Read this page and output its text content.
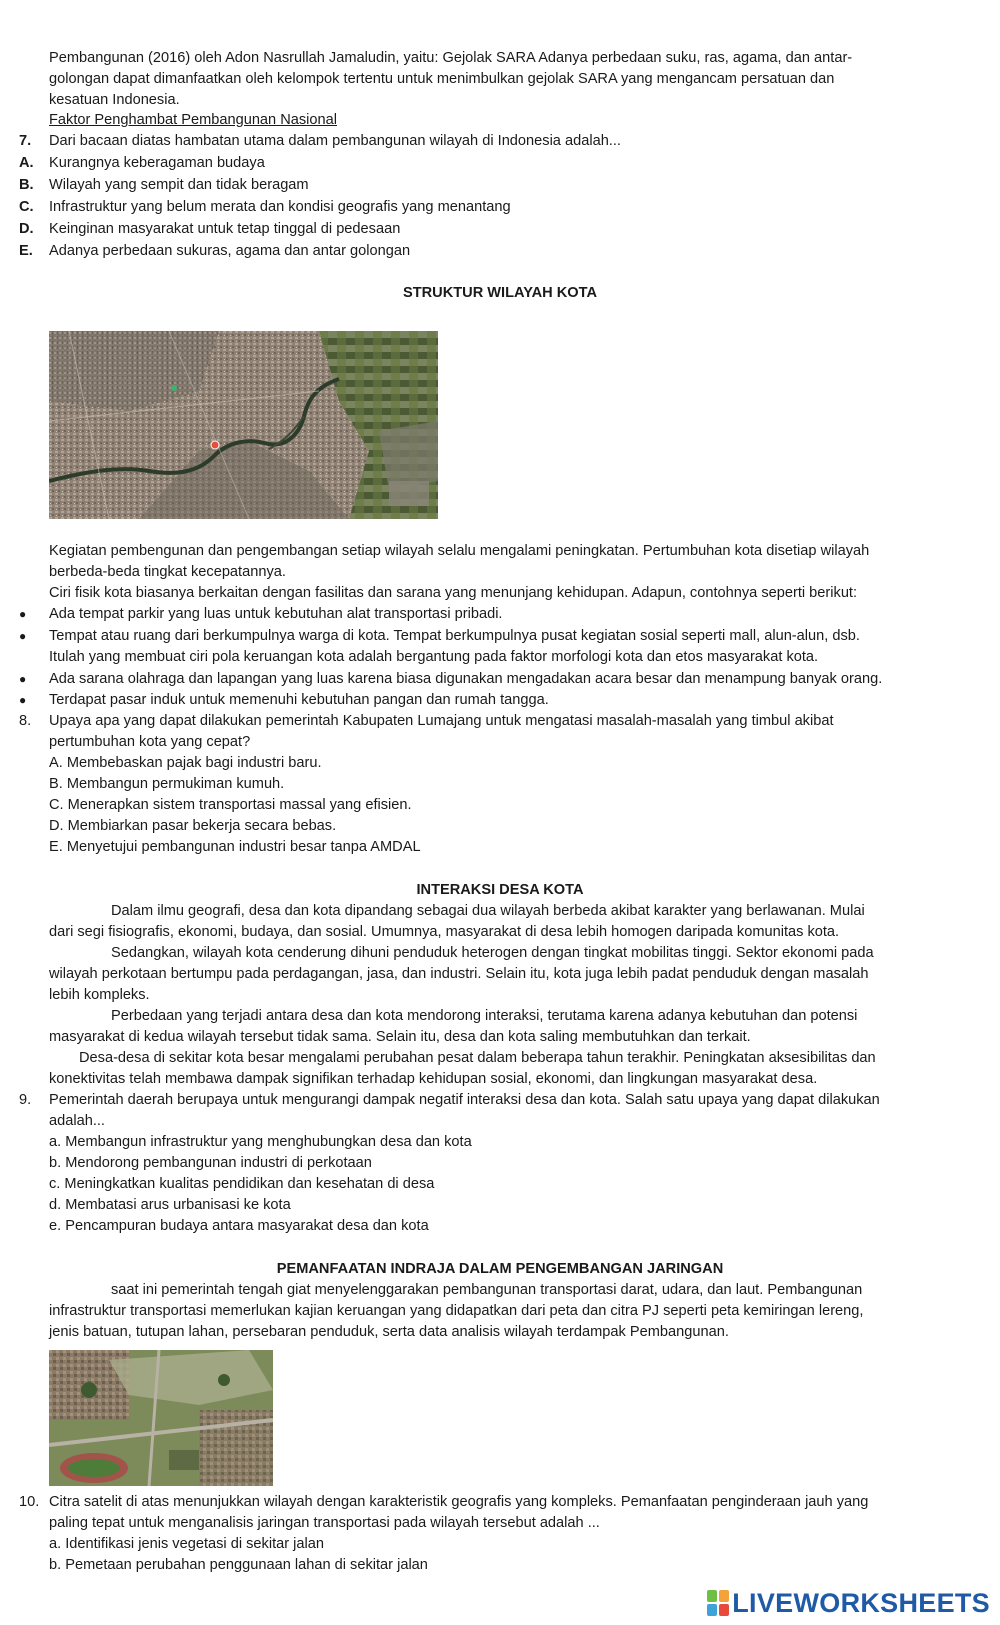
Pembangunan (2016) oleh Adon Nasrullah Jamaludin, yaitu: Gejolak SARA Adanya perbedaan suku, ras, agama, dan antar-

golongan dapat dimanfaatkan oleh kelompok tertentu untuk menimbulkan gejolak SARA yang mengancam persatuan dan

kesatuan Indonesia.

Faktor Penghambat Pembangunan Nasional

7. Dari bacaan diatas hambatan utama dalam pembangunan wilayah di Indonesia adalah...

A. Kurangnya keberagaman budaya

B. Wilayah yang sempit dan tidak beragam

C. Infrastruktur yang belum merata dan kondisi geografis yang menantang

D. Keinginan masyarakat untuk tetap tinggal di pedesaan

E. Adanya perbedaan sukuras, agama dan antar golongan

STRUKTUR WILAYAH KOTA

Kegiatan pembengunan dan pengembangan setiap wilayah selalu mengalami peningkatan. Pertumbuhan kota disetiap wilayah

berbeda-beda tingkat kecepatannya.

Ciri fisik kota biasanya berkaitan dengan fasilitas dan sarana yang menunjang kehidupan. Adapun, contohnya seperti berikut:

● Ada tempat parkir yang luas untuk kebutuhan alat transportasi pribadi.

● Tempat atau ruang dari berkumpulnya warga di kota. Tempat berkumpulnya pusat kegiatan sosial seperti mall, alun-alun, dsb.

Itulah yang membuat ciri pola keruangan kota adalah bergantung pada faktor morfologi kota dan etos masyarakat kota.

● Ada sarana olahraga dan lapangan yang luas karena biasa digunakan mengadakan acara besar dan menampung banyak orang.

● Terdapat pasar induk untuk memenuhi kebutuhan pangan dan rumah tangga.

8. Upaya apa yang dapat dilakukan pemerintah Kabupaten Lumajang untuk mengatasi masalah-masalah yang timbul akibat

pertumbuhan kota yang cepat?

A. Membebaskan pajak bagi industri baru.

B. Membangun permukiman kumuh.

C. Menerapkan sistem transportasi massal yang efisien.

D. Membiarkan pasar bekerja secara bebas.

E. Menyetujui pembangunan industri besar tanpa AMDAL

INTERAKSI DESA KOTA

Dalam ilmu geografi, desa dan kota dipandang sebagai dua wilayah berbeda akibat karakter yang berlawanan. Mulai

dari segi fisiografis, ekonomi, budaya, dan sosial. Umumnya, masyarakat di desa lebih homogen daripada komunitas kota.

Sedangkan, wilayah kota cenderung dihuni penduduk heterogen dengan tingkat mobilitas tinggi. Sektor ekonomi pada

wilayah perkotaan bertumpu pada perdagangan, jasa, dan industri. Selain itu, kota juga lebih padat penduduk dengan masalah

lebih kompleks.

Perbedaan yang terjadi antara desa dan kota mendorong interaksi, terutama karena adanya kebutuhan dan potensi

masyarakat di kedua wilayah tersebut tidak sama. Selain itu, desa dan kota saling membutuhkan dan terkait.

Desa-desa di sekitar kota besar mengalami perubahan pesat dalam beberapa tahun terakhir. Peningkatan aksesibilitas dan

konektivitas telah membawa dampak signifikan terhadap kehidupan sosial, ekonomi, dan lingkungan masyarakat desa.

9. Pemerintah daerah berupaya untuk mengurangi dampak negatif interaksi desa dan kota. Salah satu upaya yang dapat dilakukan

adalah...

a. Membangun infrastruktur yang menghubungkan desa dan kota

b. Mendorong pembangunan industri di perkotaan

c. Meningkatkan kualitas pendidikan dan kesehatan di desa

d. Membatasi arus urbanisasi ke kota

e. Pencampuran budaya antara masyarakat desa dan kota

PEMANFAATAN INDRAJA DALAM PENGEMBANGAN JARINGAN

saat ini pemerintah tengah giat menyelenggarakan pembangunan transportasi darat, udara, dan laut. Pembangunan

infrastruktur transportasi memerlukan kajian keruangan yang didapatkan dari peta dan citra PJ seperti peta kemiringan lereng,

jenis batuan, tutupan lahan, persebaran penduduk, serta data analisis wilayah terdampak Pembangunan.

10. Citra satelit di atas menunjukkan wilayah dengan karakteristik geografis yang kompleks. Pemanfaatan penginderaan jauh yang

paling tepat untuk menganalisis jaringan transportasi pada wilayah tersebut adalah ...

a. Identifikasi jenis vegetasi di sekitar jalan

b. Pemetaan perubahan penggunaan lahan di sekitar jalan

LIVEWORKSHEETS
